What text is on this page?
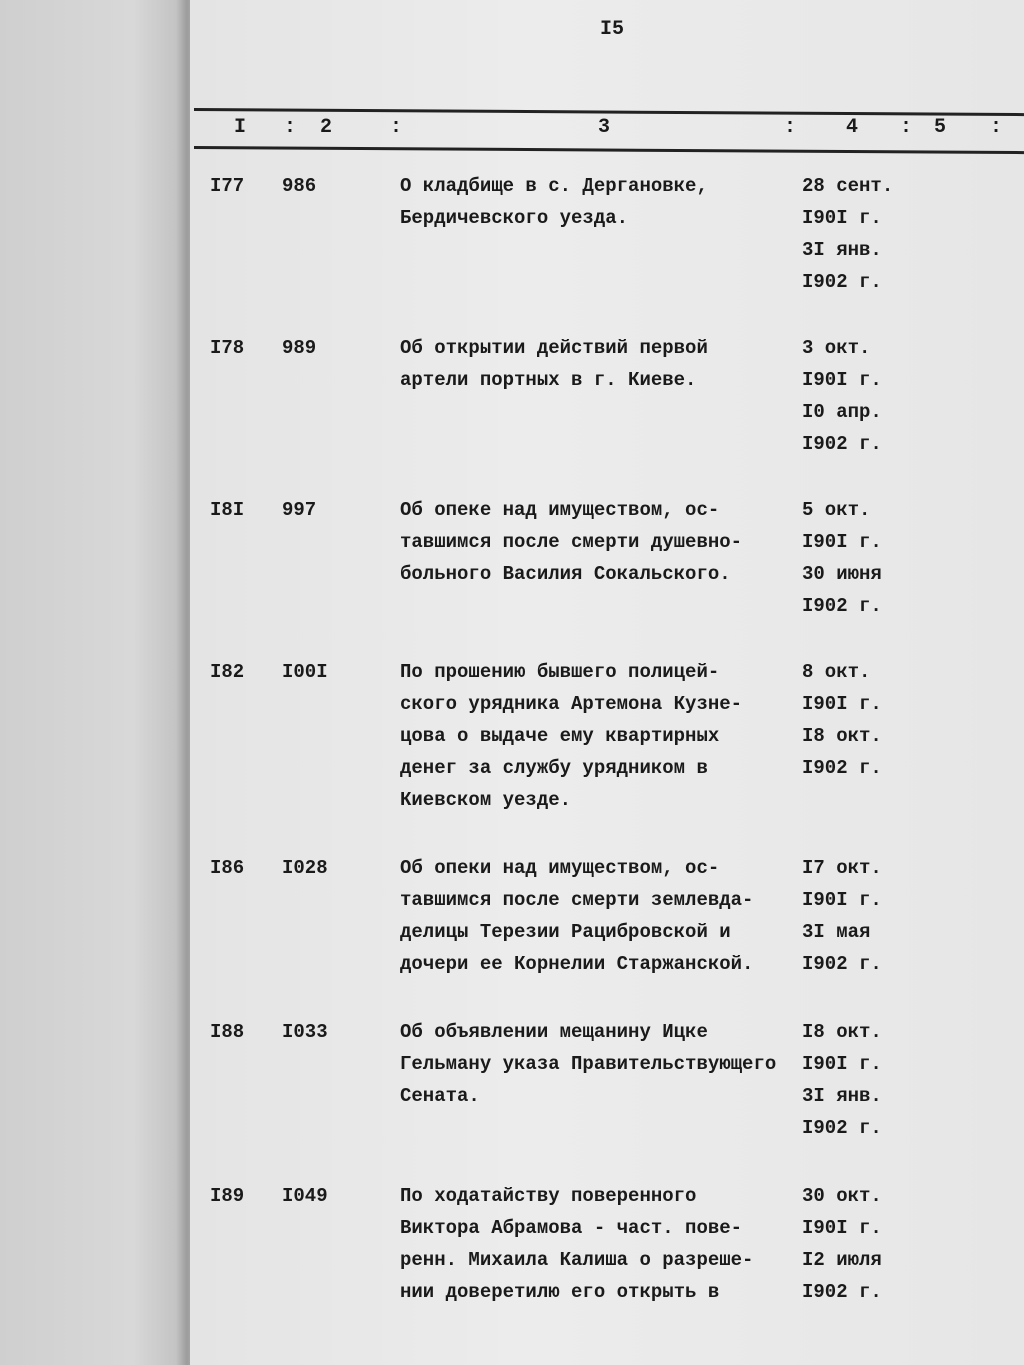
I5
I : 2	:	3	: 4 : 5 :
I77 986	О кладбище в с. Дергановке,
Бердичевского уезда.
28 сент.
I90I г.
3I янв.
I902 г.
I78 989	Об открытии действий первой
артели портных в г. Киеве.
3 окт.
I90I г.
I0 апр.
I902 г.
I8I 997	Об опеке над имуществом, ос-
тавшимся после смерти душевно-
больного Василия Сокальского.
5 окт.
I90I г.
30 июня
I902 г.
I82 I00I	По прошению бывшего полицей-
ского урядника Артемона Кузне-
цова о выдаче ему квартирных
денег за службу урядником в
Киевском уезде.
8 окт.
I90I г.
I8 окт.
I902 г.
I86 I028	Об опеки над имуществом, ос-
тавшимся после смерти землевда-
делицы Терезии Рацибровской и
дочери ее Корнелии Старжанской.
I7 окт.
I90I г.
3I мая
I902 г.
I88 I033	Об объявлении мещанину Ицке
Гельману указа Правительствующего
Сената.
I8 окт.
I90I г.
3I янв.
I902 г.
I89 I049	По ходатайству поверенного
Виктора Абрамова - част. пове-
ренн. Михаила Калиша о разреше-
нии доверетилю его открыть в
30 окт.
I90I г.
I2 июля
I902 г.
